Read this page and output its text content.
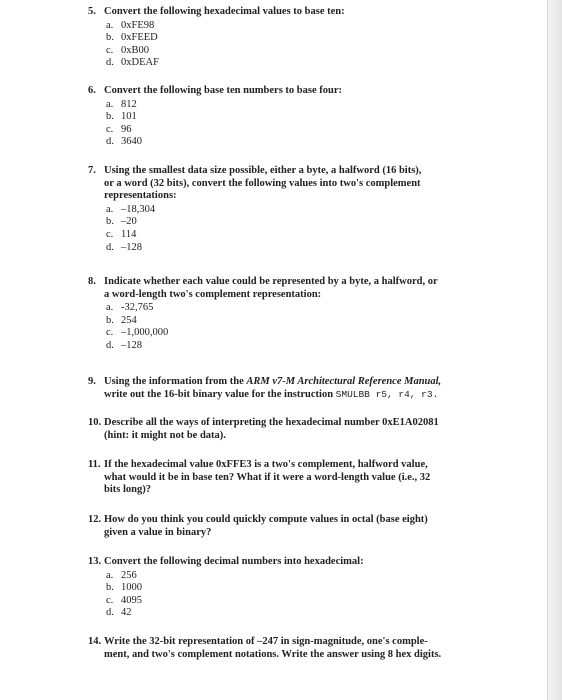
5. Convert the following hexadecimal values to base ten:
a. 0xFE98
b. 0xFEED
c. 0xB00
d. 0xDEAF
6. Convert the following base ten numbers to base four:
a. 812
b. 101
c. 96
d. 3640
7. Using the smallest data size possible, either a byte, a halfword (16 bits),
or a word (32 bits), convert the following values into two's complement
representations:
a. –18,304
b. –20
c. 114
d. –128
8. Indicate whether each value could be represented by a byte, a halfword, or
a word-length two's complement representation:
a. -32,765
b. 254
c. –1,000,000
d. –128
9. Using the information from the ARM v7-M Architectural Reference Manual,
write out the 16-bit binary value for the instruction SMULBB r5, r4, r3.
10. Describe all the ways of interpreting the hexadecimal number 0xE1A02081
(hint: it might not be data).
11. If the hexadecimal value 0xFFE3 is a two's complement, halfword value,
what would it be in base ten? What if it were a word-length value (i.e., 32
bits long)?
12. How do you think you could quickly compute values in octal (base eight)
given a value in binary?
13. Convert the following decimal numbers into hexadecimal:
a. 256
b. 1000
c. 4095
d. 42
14. Write the 32-bit representation of –247 in sign-magnitude, one's comple-
ment, and two's complement notations. Write the answer using 8 hex digits.
